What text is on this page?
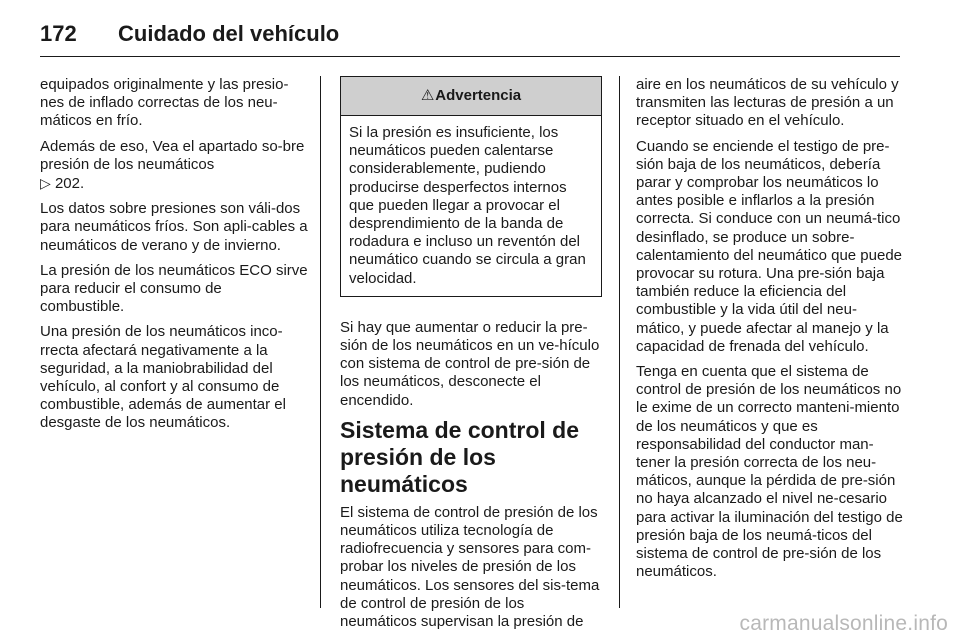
172 Cuidado del vehículo

equipados originalmente y las presio-nes de inflado correctas de los neu-máticos en frío.

Además de eso, Vea el apartado so-bre presión de los neumáticos
▷ 202.

Los datos sobre presiones son váli-dos para neumáticos fríos. Son apli-cables a neumáticos de verano y de invierno.

La presión de los neumáticos ECO sirve para reducir el consumo de combustible.

Una presión de los neumáticos inco-rrecta afectará negativamente a la seguridad, a la maniobrabilidad del vehículo, al confort y al consumo de combustible, además de aumentar el desgaste de los neumáticos.

⚠Advertencia
Si la presión es insuficiente, los neumáticos pueden calentarse considerablemente, pudiendo producirse desperfectos internos que pueden llegar a provocar el desprendimiento de la banda de rodadura e incluso un reventón del neumático cuando se circula a gran velocidad.

Si hay que aumentar o reducir la pre-sión de los neumáticos en un ve-hículo con sistema de control de pre-sión de los neumáticos, desconecte el encendido.

Sistema de control de presión de los neumáticos

El sistema de control de presión de los neumáticos utiliza tecnología de radiofrecuencia y sensores para com-probar los niveles de presión de los neumáticos. Los sensores del sis-tema de control de presión de los neumáticos supervisan la presión de

aire en los neumáticos de su vehículo y transmiten las lecturas de presión a un receptor situado en el vehículo.

Cuando se enciende el testigo de pre-sión baja de los neumáticos, debería parar y comprobar los neumáticos lo antes posible e inflarlos a la presión correcta. Si conduce con un neumá-tico desinflado, se produce un sobre-calentamiento del neumático que puede provocar su rotura. Una pre-sión baja también reduce la eficiencia del combustible y la vida útil del neu-mático, y puede afectar al manejo y la capacidad de frenada del vehículo.

Tenga en cuenta que el sistema de control de presión de los neumáticos no le exime de un correcto manteni-miento de los neumáticos y que es responsabilidad del conductor man-tener la presión correcta de los neu-máticos, aunque la pérdida de pre-sión no haya alcanzado el nivel ne-cesario para activar la iluminación del testigo de presión baja de los neumá-ticos del sistema de control de pre-sión de los neumáticos.

carmanualsonline.info
